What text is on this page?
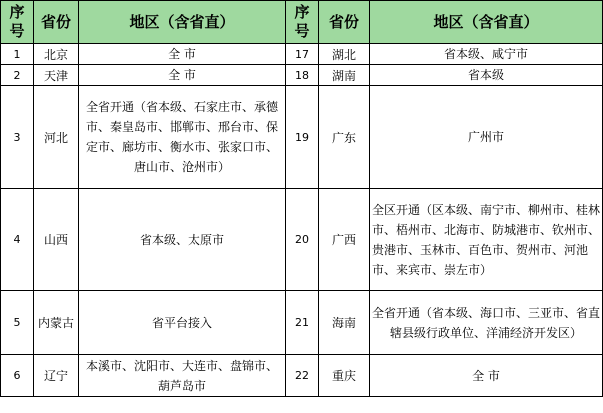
序号	省份	地区（含省直）	序号	省份	地区（含省直）
1	北京	全 市	17	湖北	省本级、咸宁市
2	天津	全 市	18	湖南	省本级
3	河北	全省开通（省本级、石家庄市、承德市、秦皇岛市、邯郸市、邢台市、保定市、廊坊市、衡水市、张家口市、唐山市、沧州市）	19	广东	广州市
4	山西	省本级、太原市	20	广西	全区开通（区本级、南宁市、柳州市、桂林市、梧州市、北海市、防城港市、钦州市、贵港市、玉林市、百色市、贺州市、河池市、来宾市、崇左市）
5	内蒙古	省平台接入	21	海南	全省开通（省本级、海口市、三亚市、省直辖县级行政单位、洋浦经济开发区）
6	辽宁	本溪市、沈阳市、大连市、盘锦市、葫芦岛市	22	重庆	全 市
